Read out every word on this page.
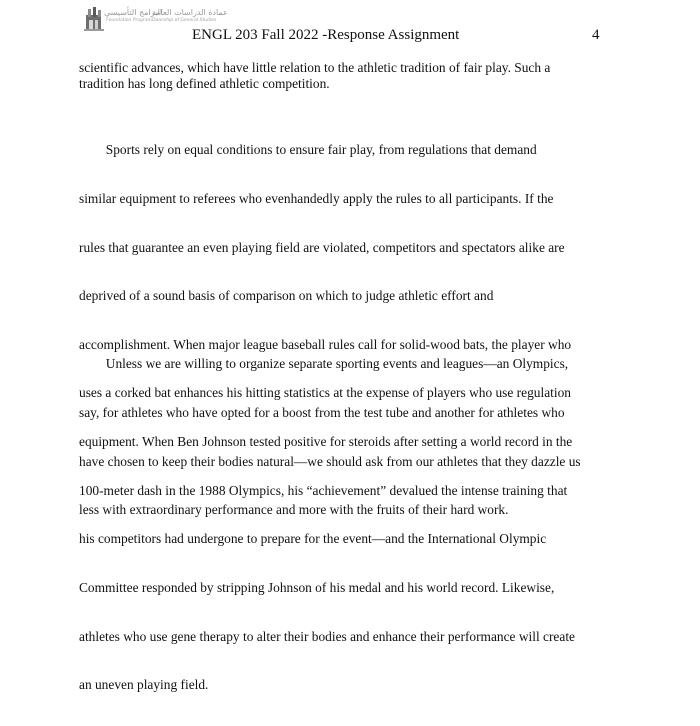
البرامج التأسيسي
Foundation Program
عمادة الدراسات العامة
Deanship of General Studies
ENGL 203 Fall 2022 -Response Assignment	4

scientific advances, which have little relation to the athletic tradition of fair play. Such a
tradition has long defined athletic competition.

Sports rely on equal conditions to ensure fair play, from regulations that demand

similar equipment to referees who evenhandedly apply the rules to all participants. If the

rules that guarantee an even playing field are violated, competitors and spectators alike are

deprived of a sound basis of comparison on which to judge athletic effort and

accomplishment. When major league baseball rules call for solid-wood bats, the player who

uses a corked bat enhances his hitting statistics at the expense of players who use regulation

equipment. When Ben Johnson tested positive for steroids after setting a world record in the

100-meter dash in the 1988 Olympics, his “achievement” devalued the intense training that

his competitors had undergone to prepare for the event—and the International Olympic

Committee responded by stripping Johnson of his medal and his world record. Likewise,

athletes who use gene therapy to alter their bodies and enhance their performance will create

an uneven playing field.

Unless we are willing to organize separate sporting events and leagues—an Olympics,

say, for athletes who have opted for a boost from the test tube and another for athletes who

have chosen to keep their bodies natural—we should ask from our athletes that they dazzle us

less with extraordinary performance and more with the fruits of their hard work.
